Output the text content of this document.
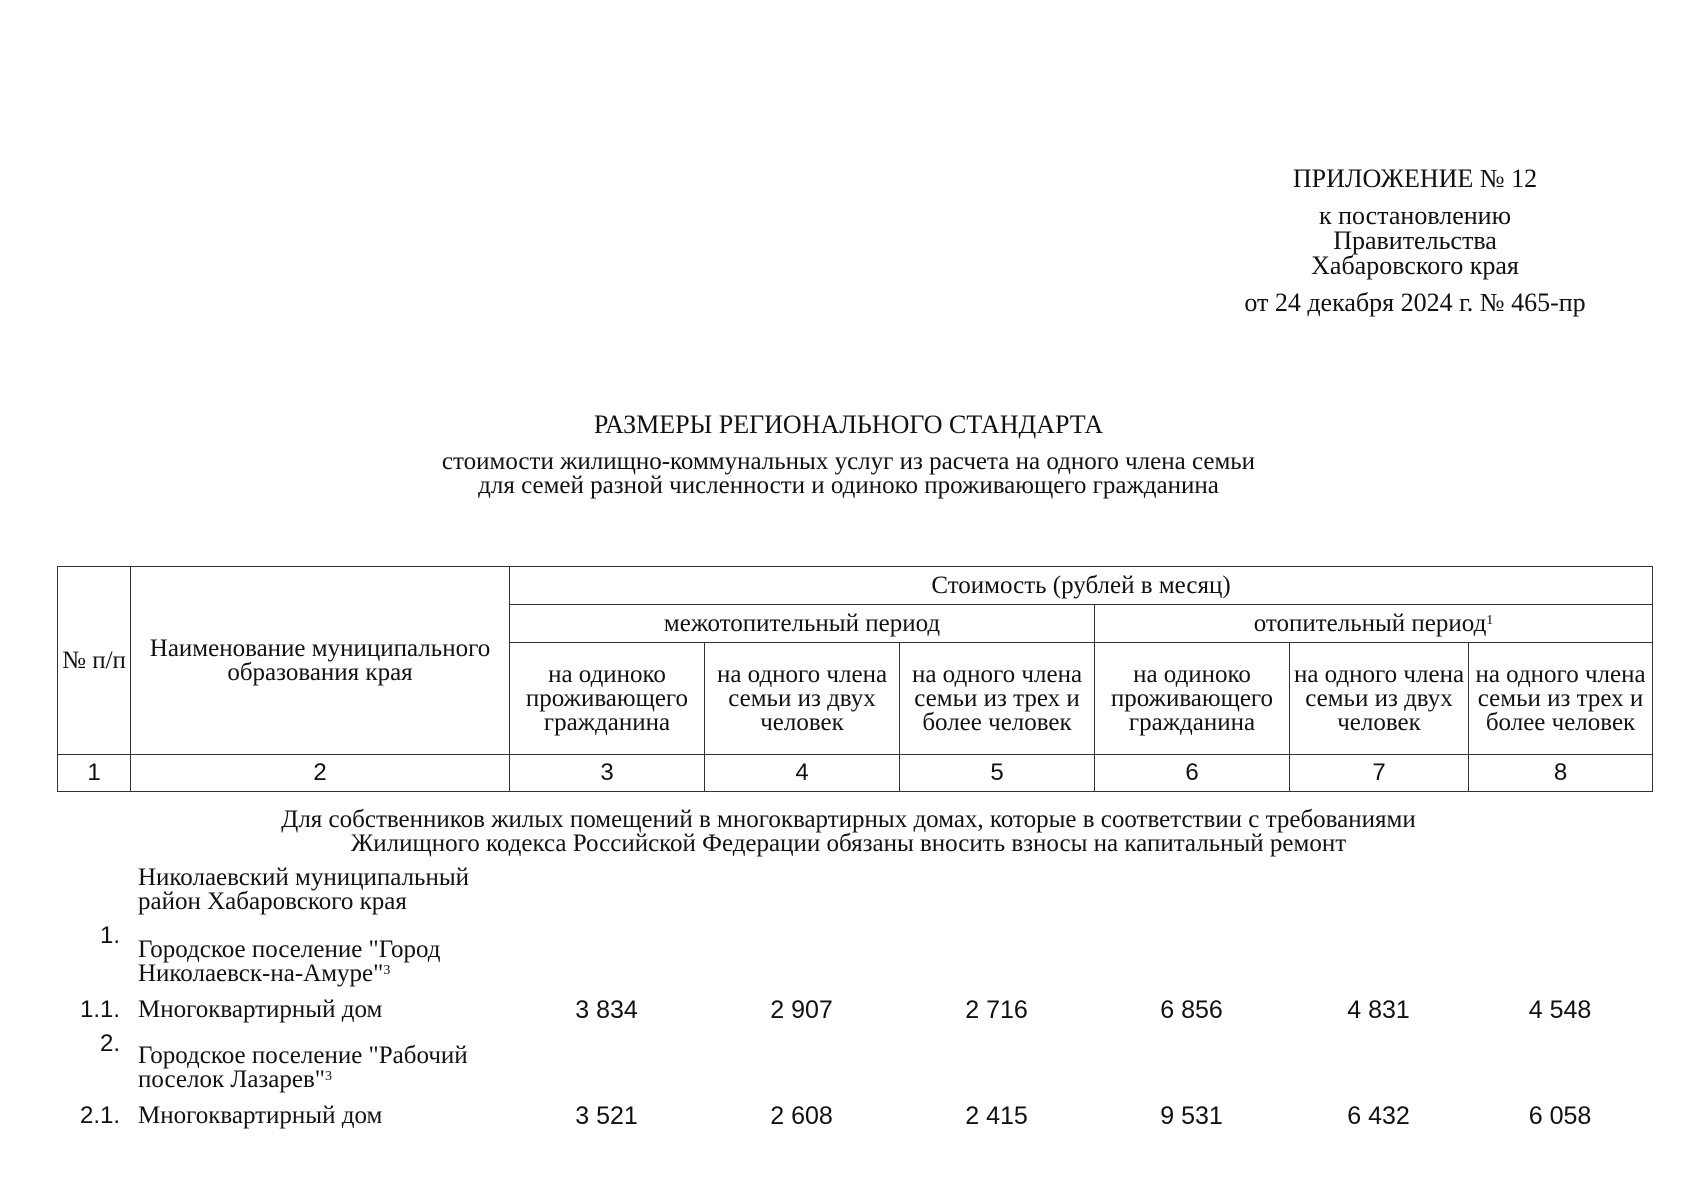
ПРИЛОЖЕНИЕ № 12
к постановлению
Правительства
Хабаровского края
от 24 декабря 2024 г. № 465-пр
РАЗМЕРЫ РЕГИОНАЛЬНОГО СТАНДАРТА
стоимости жилищно-коммунальных услуг из расчета на одного члена семьи
для семей разной численности и одиноко проживающего гражданина
№ п/п	Наименование муниципального образования края	Стоимость (рублей в месяц)					
		межотопительный период			отопительный период$^1$
		на одиноко проживающего гражданина	на одного члена семьи из двух человек	на одного члена семьи из трех и более человек	на одиноко проживающего гражданина	на одного члена семьи из двух человек	на одного члена семьи из трех и более человек
1	2	3	4	5	6	7	8
Для собственников жилых помещений в многоквартирных домах, которые в соответствии с требованиями
Жилищного кодекса Российской Федерации обязаны вносить взносы на капитальный ремонт
	Николаевский муниципальный район Хабаровского края						
1.	Городское поселение "Город Николаевск-на-Амуре"$^3$	
1.1.	Многоквартирный дом	3 834	2 907	2 716	6 856	4 831	4 548
2.	Городское поселение "Рабочий поселок Лазарев"$^3$	
2.1.	Многоквартирный дом	3 521	2 608	2 415	9 531	6 432	6 058
